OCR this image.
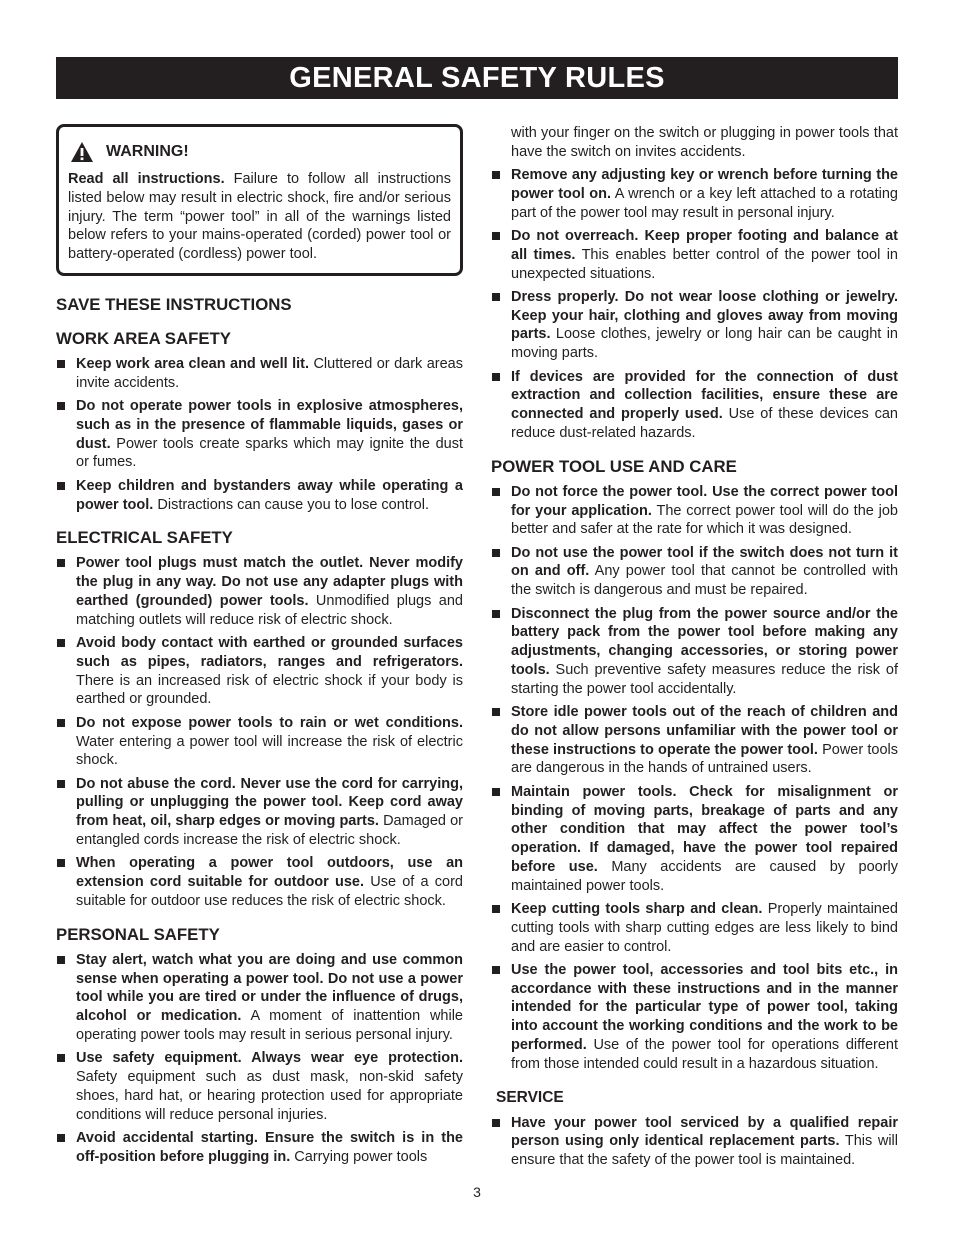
GENERAL SAFETY RULES
WARNING!
Read all instructions. Failure to follow all instructions listed below may result in electric shock, fire and/or serious injury. The term “power tool” in all of the warnings listed below refers to your mains-operated (corded) power tool or battery-operated (cordless) power tool.
SAVE THESE INSTRUCTIONS
WORK AREA SAFETY
Keep work area clean and well lit. Cluttered or dark areas invite accidents.
Do not operate power tools in explosive atmospheres, such as in the presence of flammable liquids, gases or dust. Power tools create sparks which may ignite the dust or fumes.
Keep children and bystanders away while operating a power tool. Distractions can cause you to lose control.
ELECTRICAL SAFETY
Power tool plugs must match the outlet. Never modify the plug in any way. Do not use any adapter plugs with earthed (grounded) power tools. Unmodified plugs and matching outlets will reduce risk of electric shock.
Avoid body contact with earthed or grounded surfaces such as pipes, radiators, ranges and refrigerators. There is an increased risk of electric shock if your body is earthed or grounded.
Do not expose power tools to rain or wet conditions. Water entering a power tool will increase the risk of electric shock.
Do not abuse the cord. Never use the cord for carrying, pulling or unplugging the power tool. Keep cord away from heat, oil, sharp edges or moving parts. Damaged or entangled cords increase the risk of electric shock.
When operating a power tool outdoors, use an extension cord suitable for outdoor use. Use of a cord suitable for outdoor use reduces the risk of electric shock.
PERSONAL SAFETY
Stay alert, watch what you are doing and use common sense when operating a power tool. Do not use a power tool while you are tired or under the influence of drugs, alcohol or medication. A moment of inattention while operating power tools may result in serious personal injury.
Use safety equipment. Always wear eye protection. Safety equipment such as dust mask, non-skid safety shoes, hard hat, or hearing protection used for appropriate conditions will reduce personal injuries.
Avoid accidental starting. Ensure the switch is in the off-position before plugging in. Carrying power tools
with your finger on the switch or plugging in power tools that have the switch on invites accidents.
Remove any adjusting key or wrench before turning the power tool on. A wrench or a key left attached to a rotating part of the power tool may result in personal injury.
Do not overreach. Keep proper footing and balance at all times. This enables better control of the power tool in unexpected situations.
Dress properly. Do not wear loose clothing or jewelry. Keep your hair, clothing and gloves away from moving parts. Loose clothes, jewelry or long hair can be caught in moving parts.
If devices are provided for the connection of dust extraction and collection facilities, ensure these are connected and properly used. Use of these devices can reduce dust-related hazards.
POWER TOOL USE AND CARE
Do not force the power tool. Use the correct power tool for your application. The correct power tool will do the job better and safer at the rate for which it was designed.
Do not use the power tool if the switch does not turn it on and off. Any power tool that cannot be controlled with the switch is dangerous and must be repaired.
Disconnect the plug from the power source and/or the battery pack from the power tool before making any adjustments, changing accessories, or storing power tools. Such preventive safety measures reduce the risk of starting the power tool accidentally.
Store idle power tools out of the reach of children and do not allow persons unfamiliar with the power tool or these instructions to operate the power tool. Power tools are dangerous in the hands of untrained users.
Maintain power tools. Check for misalignment or binding of moving parts, breakage of parts and any other condition that may affect the power tool’s operation. If damaged, have the power tool repaired before use. Many accidents are caused by poorly maintained power tools.
Keep cutting tools sharp and clean. Properly maintained cutting tools with sharp cutting edges are less likely to bind and are easier to control.
Use the power tool, accessories and tool bits etc., in accordance with these instructions and in the manner intended for the particular type of power tool, taking into account the working conditions and the work to be performed. Use of the power tool for operations different from those intended could result in a hazardous situation.
SERVICE
Have your power tool serviced by a qualified repair person using only identical replacement parts. This will ensure that the safety of the power tool is maintained.
3
